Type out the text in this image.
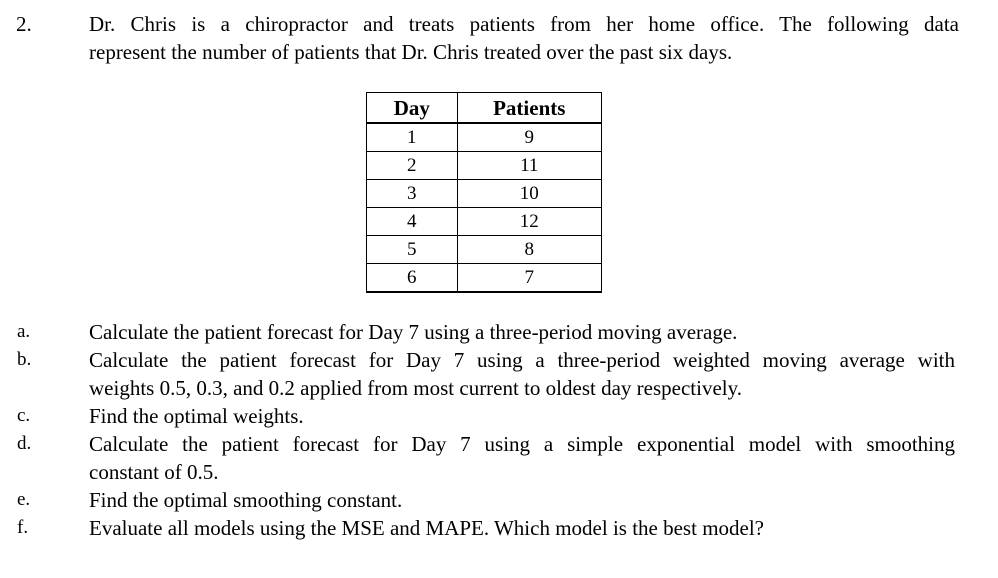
2.	Dr. Chris is a chiropractor and treats patients from her home office. The following data
represent the number of patients that Dr. Chris treated over the past six days.
Day	Patients
1	9
2	11
3	10
4	12
5	8
6	7
a.	Calculate the patient forecast for Day 7 using a three-period moving average.
b.	Calculate the patient forecast for Day 7 using a three-period weighted moving average with
weights 0.5, 0.3, and 0.2 applied from most current to oldest day respectively.
c.	Find the optimal weights.
d.	Calculate the patient forecast for Day 7 using a simple exponential model with smoothing
constant of 0.5.
e.	Find the optimal smoothing constant.
f.	Evaluate all models using the MSE and MAPE. Which model is the best model?
